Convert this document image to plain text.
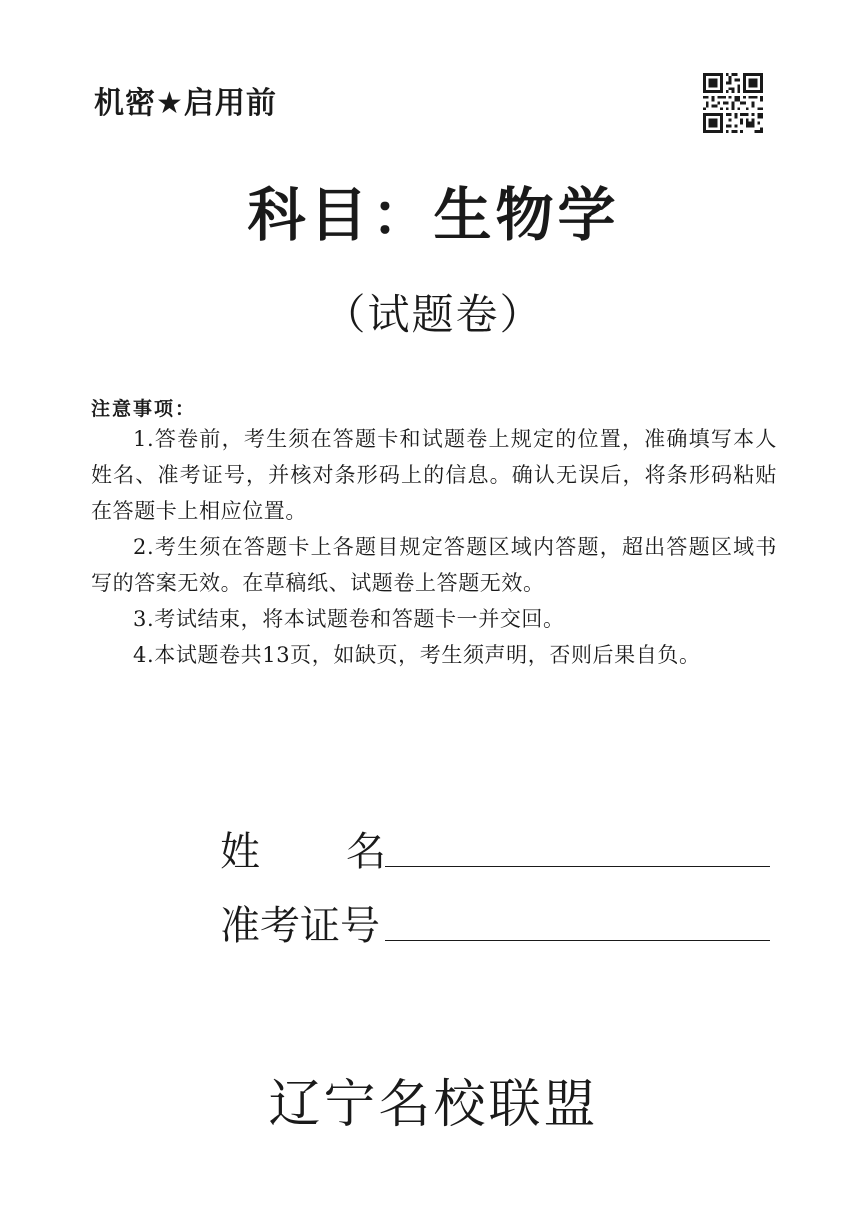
机密★启用前
科目：生物学
（试题卷）
注意事项：
1.答卷前，考生须在答题卡和试题卷上规定的位置，准确填写本人姓名、准考证号，并核对条形码上的信息。确认无误后，将条形码粘贴在答题卡上相应位置。
2.考生须在答题卡上各题目规定答题区域内答题，超出答题区域书写的答案无效。在草稿纸、试题卷上答题无效。
3.考试结束，将本试题卷和答题卡一并交回。
4.本试题卷共13页，如缺页，考生须声明，否则后果自负。
姓名
准考证号
辽宁名校联盟
